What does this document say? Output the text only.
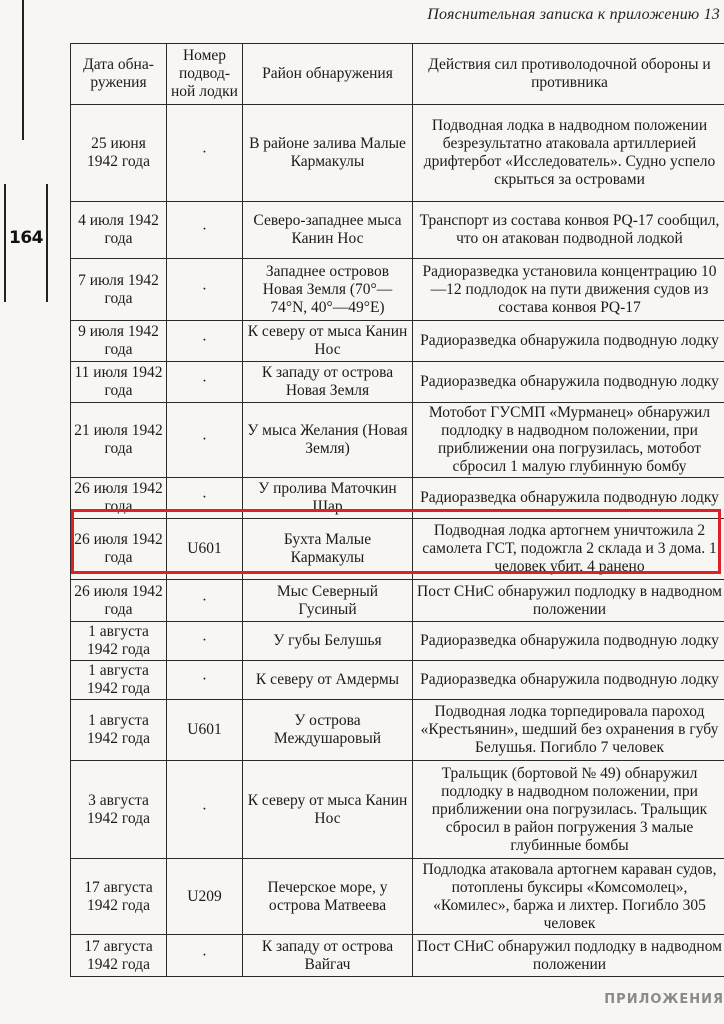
Пояснительная записка к приложению 13
164
Дата обна-ружения	Номер подвод-ной лодки	Район обнаружения	Действия сил противолодочной обороны и противника
25 июня 1942 года	·	В районе залива Малые Кармакулы	Подводная лодка в надводном положении безрезультатно атаковала артиллерией дрифтербот «Исследователь». Судно успело скрыться за островами
4 июля 1942 года	·	Северо-западнее мыса Канин Нос	Транспорт из состава конвоя PQ-17 сообщил, что он атакован подводной лодкой
7 июля 1942 года	·	Западнее островов Новая Земля (70°—74°N, 40°—49°E)	Радиоразведка установила концентрацию 10—12 подлодок на пути движения судов из состава конвоя PQ-17
9 июля 1942 года	·	К северу от мыса Канин Нос	Радиоразведка обнаружила подводную лодку
11 июля 1942 года	·	К западу от острова Новая Земля	Радиоразведка обнаружила подводную лодку
21 июля 1942 года	·	У мыса Желания (Новая Земля)	Мотобот ГУСМП «Мурманец» обнаружил подлодку в надводном положении, при приближении она погрузилась, мотобот сбросил 1 малую глубинную бомбу
26 июля 1942 года	·	У пролива Маточкин Шар	Радиоразведка обнаружила подводную лодку
26 июля 1942 года	U601	Бухта Малые Кармакулы	Подводная лодка артогнем уничтожила 2 самолета ГСТ, подожгла 2 склада и 3 дома. 1 человек убит, 4 ранено
26 июля 1942 года	·	Мыс Северный Гусиный	Пост СНиС обнаружил подлодку в надводном положении
1 августа 1942 года	·	У губы Белушья	Радиоразведка обнаружила подводную лодку
1 августа 1942 года	·	К северу от Амдермы	Радиоразведка обнаружила подводную лодку
1 августа 1942 года	U601	У острова Междушаровый	Подводная лодка торпедировала пароход «Крестьянин», шедший без охранения в губу Белушья. Погибло 7 человек
3 августа 1942 года	·	К северу от мыса Канин Нос	Тральщик (бортовой № 49) обнаружил подлодку в надводном положении, при приближении она погрузилась. Тральщик сбросил в район погружения 3 малые глубинные бомбы
17 августа 1942 года	U209	Печерское море, у острова Матвеева	Подлодка атаковала артогнем караван судов, потоплены буксиры «Комсомолец», «Комилес», баржа и лихтер. Погибло 305 человек
17 августа 1942 года	·	К западу от острова Вайгач	Пост СНиС обнаружил подлодку в надводном положении
ПРИЛОЖЕНИЯ
